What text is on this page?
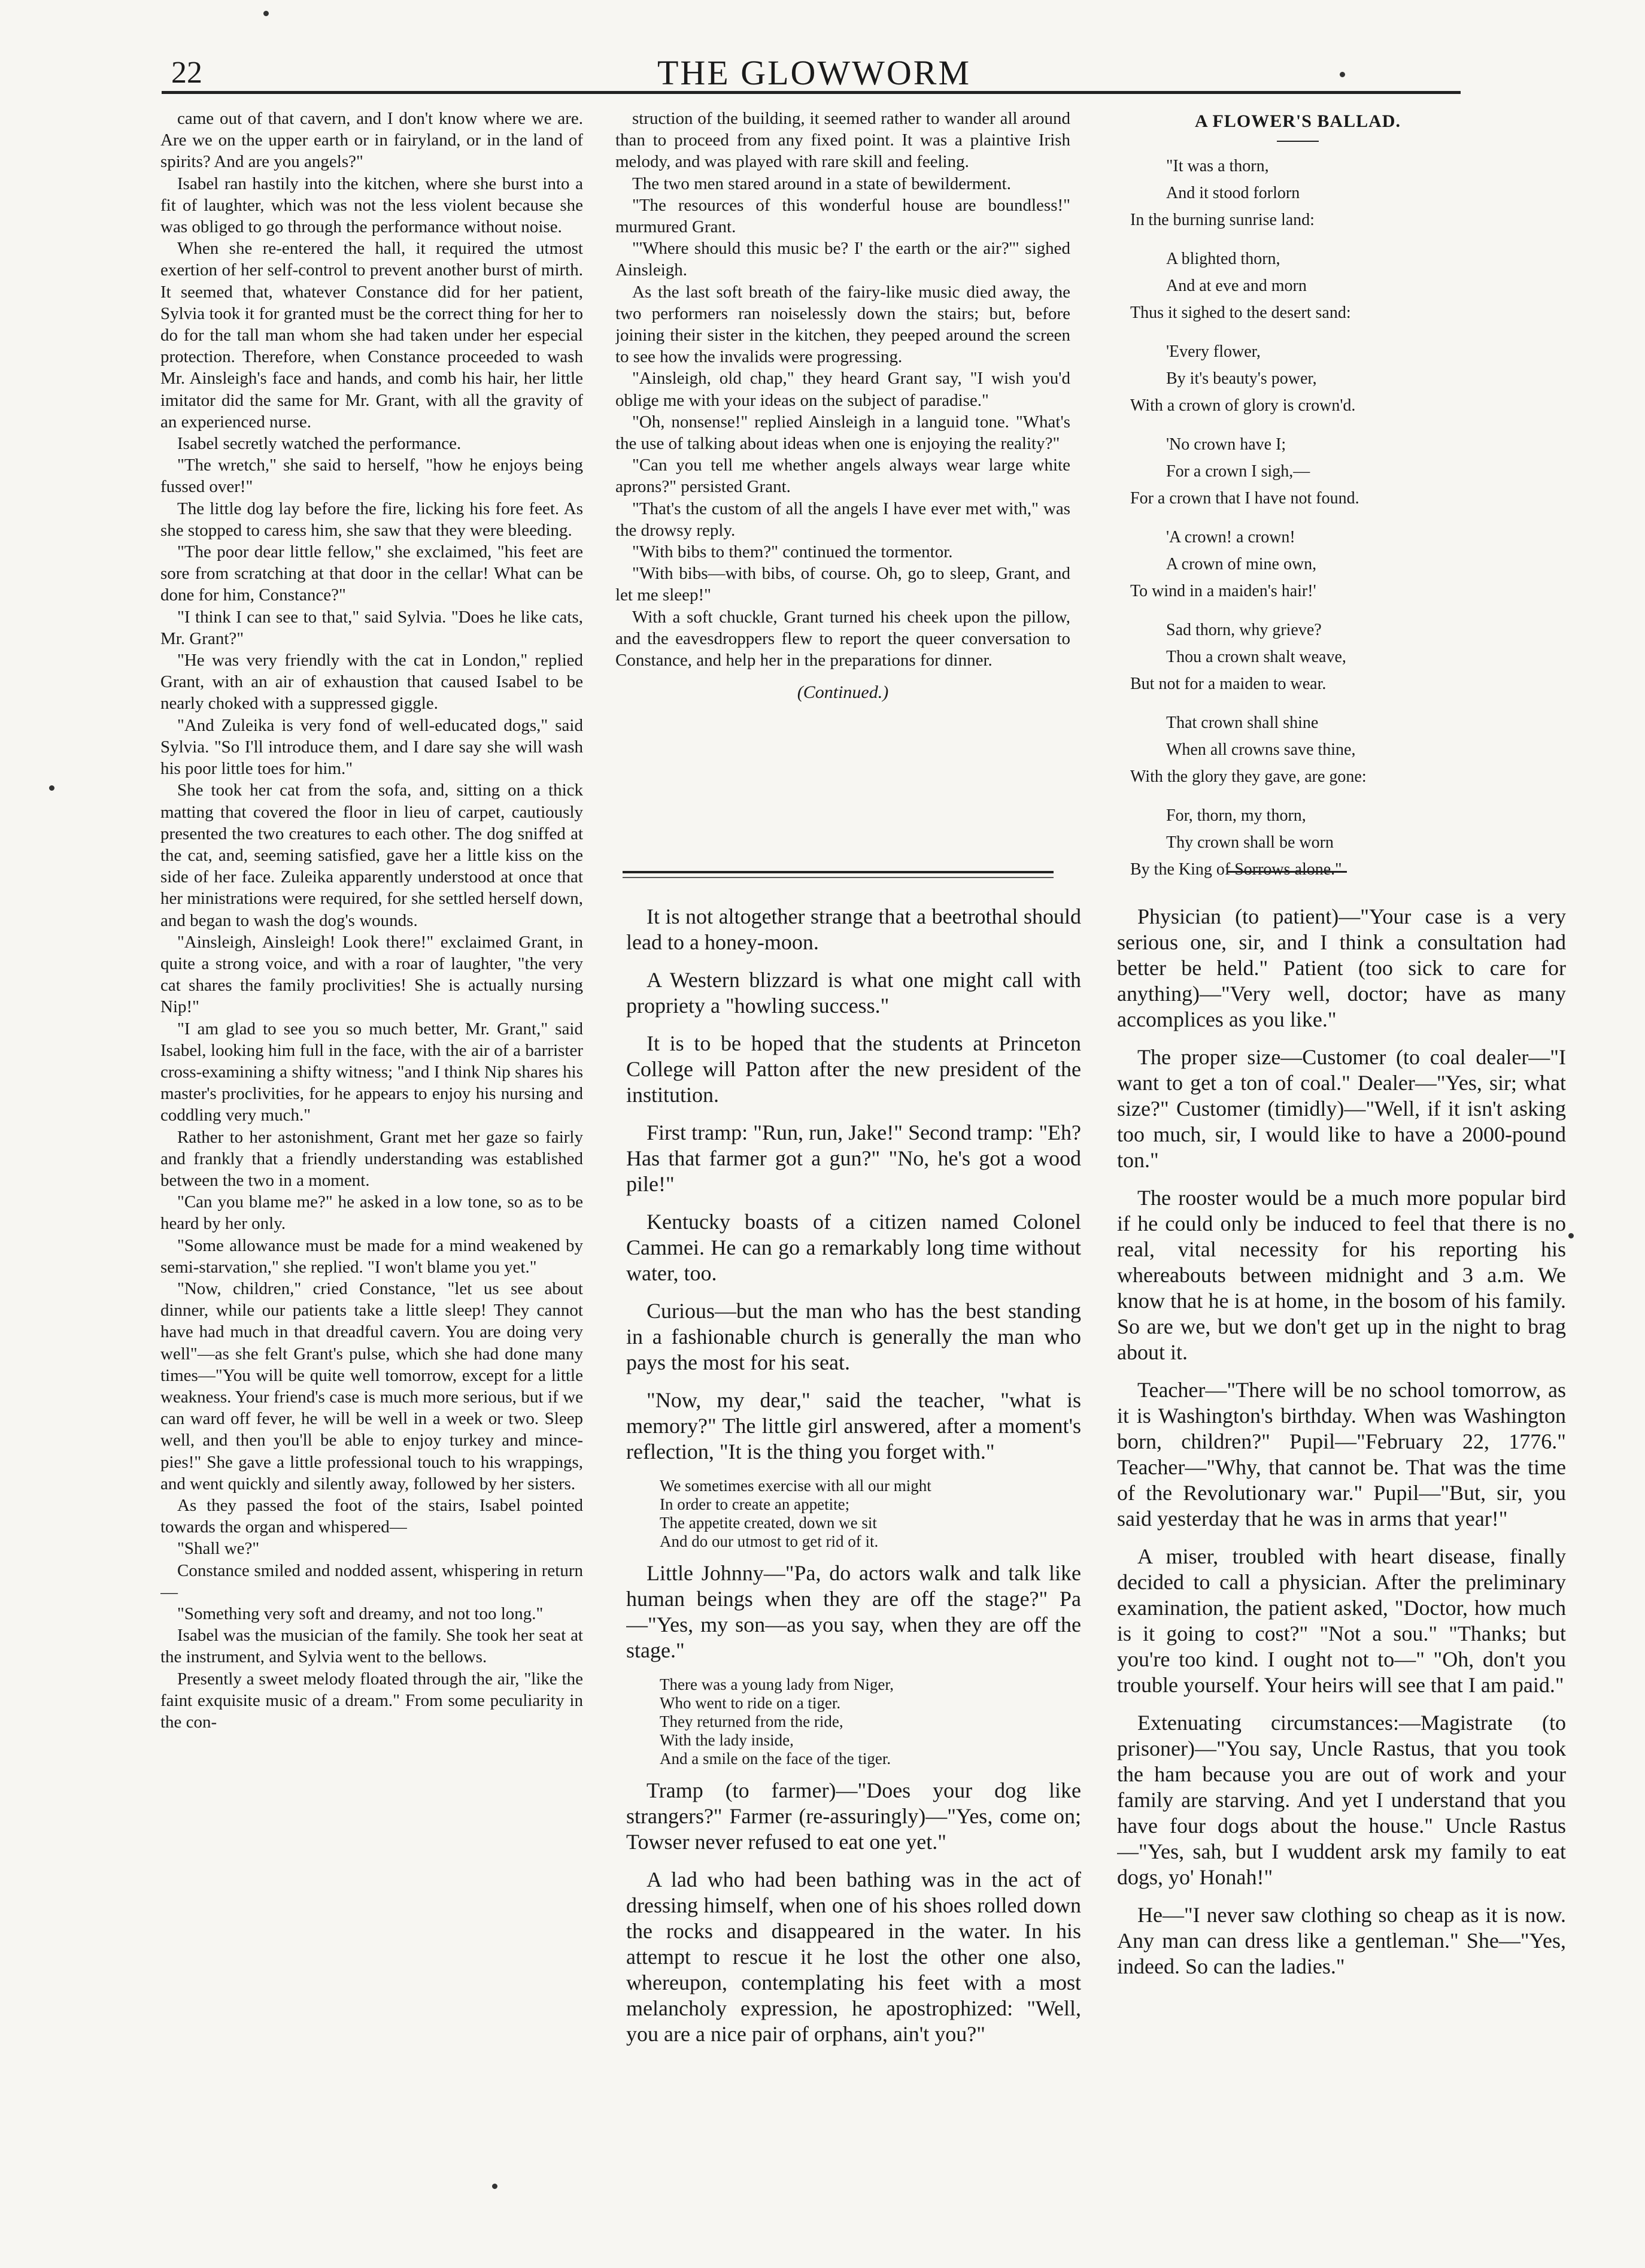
22	THE GLOWWORM

came out of that cavern, and I don't know where we are. Are we on the upper earth or in fairyland, or in the land of spirits? And are you angels?"

Isabel ran hastily into the kitchen, where she burst into a fit of laughter, which was not the less violent because she was obliged to go through the performance without noise.

When she re-entered the hall, it required the utmost exertion of her self-control to prevent another burst of mirth. It seemed that, whatever Constance did for her patient, Sylvia took it for granted must be the correct thing for her to do for the tall man whom she had taken under her especial protection. Therefore, when Constance proceeded to wash Mr. Ainsleigh's face and hands, and comb his hair, her little imitator did the same for Mr. Grant, with all the gravity of an experienced nurse.

Isabel secretly watched the performance.

"The wretch," she said to herself, "how he enjoys being fussed over!"

The little dog lay before the fire, licking his fore feet. As she stopped to caress him, she saw that they were bleeding.

"The poor dear little fellow," she exclaimed, "his feet are sore from scratching at that door in the cellar! What can be done for him, Constance?"

"I think I can see to that," said Sylvia. "Does he like cats, Mr. Grant?"

"He was very friendly with the cat in London," replied Grant, with an air of exhaustion that caused Isabel to be nearly choked with a suppressed giggle.

"And Zuleika is very fond of well-educated dogs," said Sylvia. "So I'll introduce them, and I dare say she will wash his poor little toes for him."

She took her cat from the sofa, and, sitting on a thick matting that covered the floor in lieu of carpet, cautiously presented the two creatures to each other. The dog sniffed at the cat, and, seeming satisfied, gave her a little kiss on the side of her face. Zuleika apparently understood at once that her ministrations were required, for she settled herself down, and began to wash the dog's wounds.

"Ainsleigh, Ainsleigh! Look there!" exclaimed Grant, in quite a strong voice, and with a roar of laughter, "the very cat shares the family proclivities! She is actually nursing Nip!"

"I am glad to see you so much better, Mr. Grant," said Isabel, looking him full in the face, with the air of a barrister cross-examining a shifty witness; "and I think Nip shares his master's proclivities, for he appears to enjoy his nursing and coddling very much."

Rather to her astonishment, Grant met her gaze so fairly and frankly that a friendly understanding was established between the two in a moment.

"Can you blame me?" he asked in a low tone, so as to be heard by her only.

"Some allowance must be made for a mind weakened by semi-starvation," she replied. "I won't blame you yet."

"Now, children," cried Constance, "let us see about dinner, while our patients take a little sleep! They cannot have had much in that dreadful cavern. You are doing very well"—as she felt Grant's pulse, which she had done many times—"You will be quite well tomorrow, except for a little weakness. Your friend's case is much more serious, but if we can ward off fever, he will be well in a week or two. Sleep well, and then you'll be able to enjoy turkey and mince-pies!" She gave a little professional touch to his wrappings, and went quickly and silently away, followed by her sisters.

As they passed the foot of the stairs, Isabel pointed towards the organ and whispered—

"Shall we?"

Constance smiled and nodded assent, whispering in return—

"Something very soft and dreamy, and not too long."

Isabel was the musician of the family. She took her seat at the instrument, and Sylvia went to the bellows.

Presently a sweet melody floated through the air, "like the faint exquisite music of a dream." From some peculiarity in the con-

struction of the building, it seemed rather to wander all around than to proceed from any fixed point. It was a plaintive Irish melody, and was played with rare skill and feeling.

The two men stared around in a state of bewilderment.

"The resources of this wonderful house are boundless!" murmured Grant.

"'Where should this music be? I' the earth or the air?'" sighed Ainsleigh.

As the last soft breath of the fairy-like music died away, the two performers ran noiselessly down the stairs; but, before joining their sister in the kitchen, they peeped around the screen to see how the invalids were progressing.

"Ainsleigh, old chap," they heard Grant say, "I wish you'd oblige me with your ideas on the subject of paradise."

"Oh, nonsense!" replied Ainsleigh in a languid tone. "What's the use of talking about ideas when one is enjoying the reality?"

"Can you tell me whether angels always wear large white aprons?" persisted Grant.

"That's the custom of all the angels I have ever met with," was the drowsy reply.

"With bibs to them?" continued the tormentor.

"With bibs—with bibs, of course. Oh, go to sleep, Grant, and let me sleep!"

With a soft chuckle, Grant turned his cheek upon the pillow, and the eavesdroppers flew to report the queer conversation to Constance, and help her in the preparations for dinner.

(Continued.)
A FLOWER'S BALLAD.
"It was a thorn,
And it stood forlorn
In the burning sunrise land:
A blighted thorn,
And at eve and morn
Thus it sighed to the desert sand:
'Every flower,
By it's beauty's power,
With a crown of glory is crown'd.
'No crown have I;
For a crown I sigh,—
For a crown that I have not found.
'A crown! a crown!
A crown of mine own,
To wind in a maiden's hair!'
Sad thorn, why grieve?
Thou a crown shalt weave,
But not for a maiden to wear.
That crown shall shine
When all crowns save thine,
With the glory they gave, are gone:
For, thorn, my thorn,
Thy crown shall be worn
By the King of Sorrows alone."

It is not altogether strange that a beetrothal should lead to a honey-moon.

A Western blizzard is what one might call with propriety a "howling success."

It is to be hoped that the students at Princeton College will Patton after the new president of the institution.

First tramp: "Run, run, Jake!" Second tramp: "Eh? Has that farmer got a gun?" "No, he's got a wood pile!"

Kentucky boasts of a citizen named Colonel Cammei. He can go a remarkably long time without water, too.

Curious—but the man who has the best standing in a fashionable church is generally the man who pays the most for his seat.

"Now, my dear," said the teacher, "what is memory?" The little girl answered, after a moment's reflection, "It is the thing you forget with."

We sometimes exercise with all our might
In order to create an appetite;
The appetite created, down we sit
And do our utmost to get rid of it.

Little Johnny—"Pa, do actors walk and talk like human beings when they are off the stage?" Pa—"Yes, my son—as you say, when they are off the stage."

There was a young lady from Niger,
Who went to ride on a tiger.
They returned from the ride,
With the lady inside,
And a smile on the face of the tiger.

Tramp (to farmer)—"Does your dog like strangers?" Farmer (re-assuringly)—"Yes, come on; Towser never refused to eat one yet."

A lad who had been bathing was in the act of dressing himself, when one of his shoes rolled down the rocks and disappeared in the water. In his attempt to rescue it he lost the other one also, whereupon, contemplating his feet with a most melancholy expression, he apostrophized: "Well, you are a nice pair of orphans, ain't you?"

Physician (to patient)—"Your case is a very serious one, sir, and I think a consultation had better be held." Patient (too sick to care for anything)—"Very well, doctor; have as many accomplices as you like."

The proper size—Customer (to coal dealer—"I want to get a ton of coal." Dealer—"Yes, sir; what size?" Customer (timidly)—"Well, if it isn't asking too much, sir, I would like to have a 2000-pound ton."

The rooster would be a much more popular bird if he could only be induced to feel that there is no real, vital necessity for his reporting his whereabouts between midnight and 3 a.m. We know that he is at home, in the bosom of his family. So are we, but we don't get up in the night to brag about it.

Teacher—"There will be no school tomorrow, as it is Washington's birthday. When was Washington born, children?" Pupil—"February 22, 1776." Teacher—"Why, that cannot be. That was the time of the Revolutionary war." Pupil—"But, sir, you said yesterday that he was in arms that year!"

A miser, troubled with heart disease, finally decided to call a physician. After the preliminary examination, the patient asked, "Doctor, how much is it going to cost?" "Not a sou." "Thanks; but you're too kind. I ought not to—" "Oh, don't you trouble yourself. Your heirs will see that I am paid."

Extenuating circumstances:—Magistrate (to prisoner)—"You say, Uncle Rastus, that you took the ham because you are out of work and your family are starving. And yet I understand that you have four dogs about the house." Uncle Rastus—"Yes, sah, but I wuddent arsk my family to eat dogs, yo' Honah!"

He—"I never saw clothing so cheap as it is now. Any man can dress like a gentleman." She—"Yes, indeed. So can the ladies."
